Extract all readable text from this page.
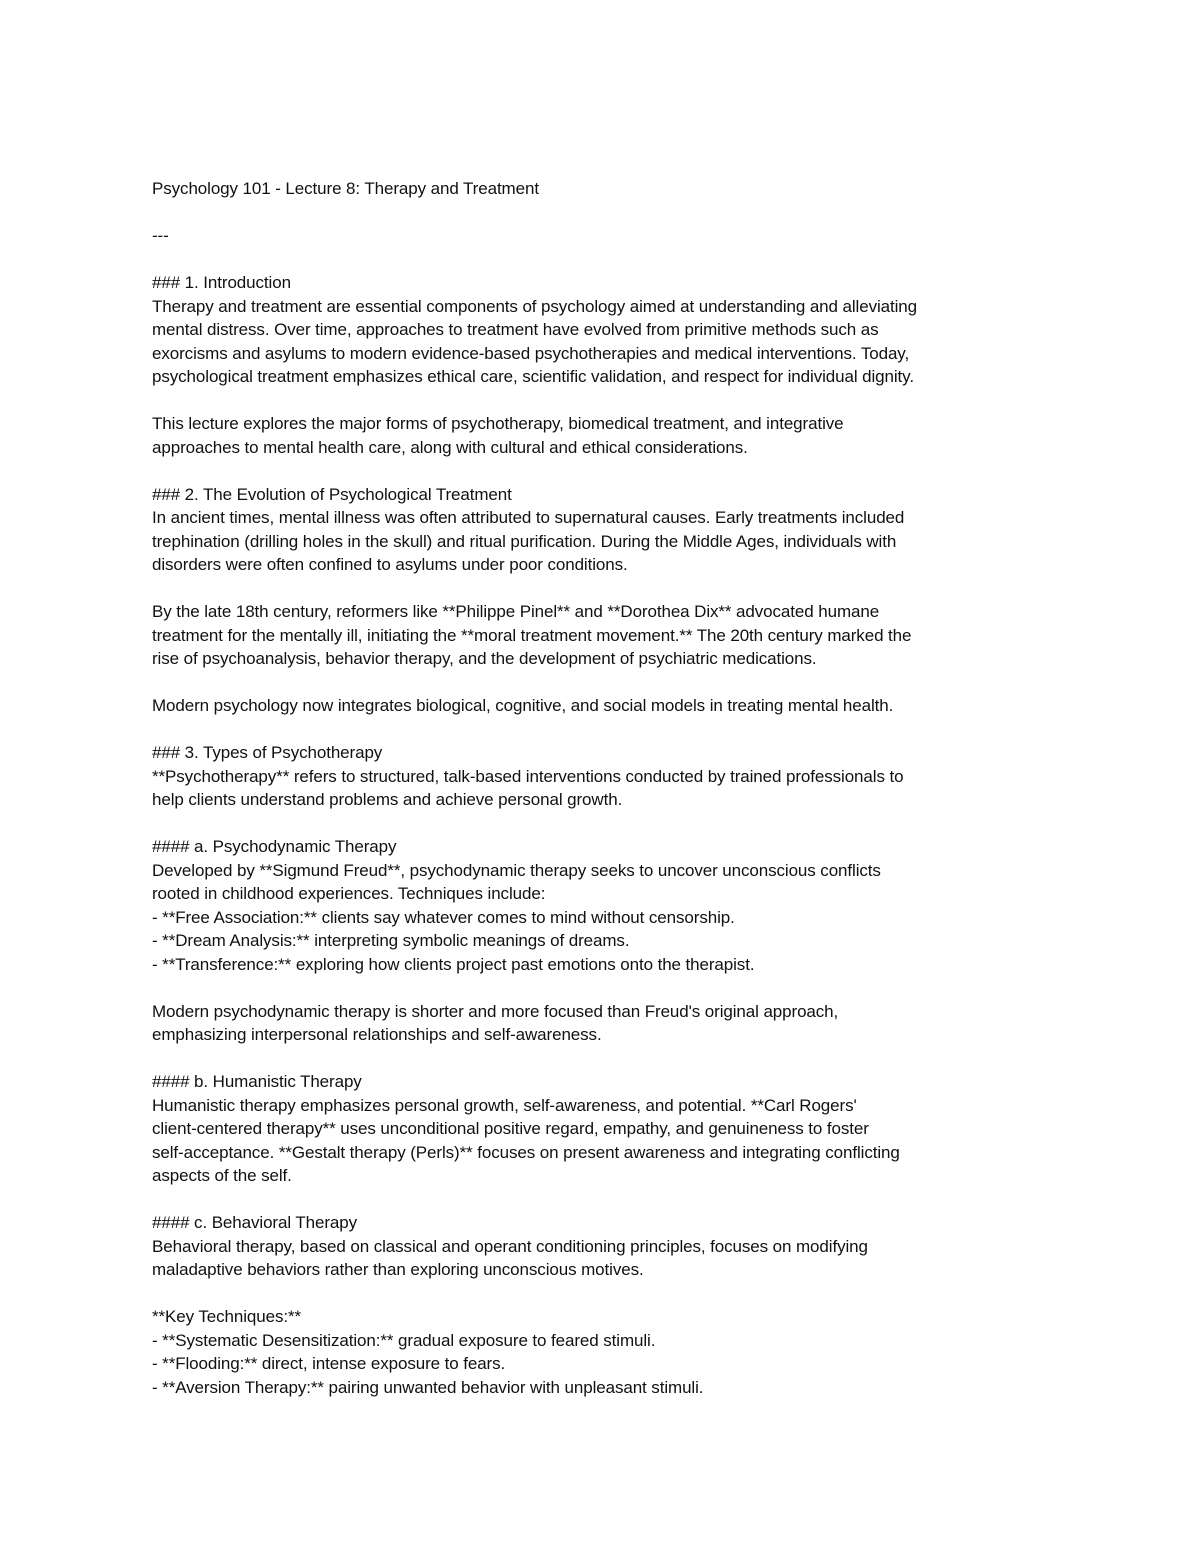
Psychology 101 - Lecture 8: Therapy and Treatment
---
### 1. Introduction
Therapy and treatment are essential components of psychology aimed at understanding and alleviating
mental distress. Over time, approaches to treatment have evolved from primitive methods such as
exorcisms and asylums to modern evidence-based psychotherapies and medical interventions. Today,
psychological treatment emphasizes ethical care, scientific validation, and respect for individual dignity.
This lecture explores the major forms of psychotherapy, biomedical treatment, and integrative
approaches to mental health care, along with cultural and ethical considerations.
### 2. The Evolution of Psychological Treatment
In ancient times, mental illness was often attributed to supernatural causes. Early treatments included
trephination (drilling holes in the skull) and ritual purification. During the Middle Ages, individuals with
disorders were often confined to asylums under poor conditions.
By the late 18th century, reformers like **Philippe Pinel** and **Dorothea Dix** advocated humane
treatment for the mentally ill, initiating the **moral treatment movement.** The 20th century marked the
rise of psychoanalysis, behavior therapy, and the development of psychiatric medications.
Modern psychology now integrates biological, cognitive, and social models in treating mental health.
### 3. Types of Psychotherapy
**Psychotherapy** refers to structured, talk-based interventions conducted by trained professionals to
help clients understand problems and achieve personal growth.
#### a. Psychodynamic Therapy
Developed by **Sigmund Freud**, psychodynamic therapy seeks to uncover unconscious conflicts
rooted in childhood experiences. Techniques include:
- **Free Association:** clients say whatever comes to mind without censorship.
- **Dream Analysis:** interpreting symbolic meanings of dreams.
- **Transference:** exploring how clients project past emotions onto the therapist.
Modern psychodynamic therapy is shorter and more focused than Freud's original approach,
emphasizing interpersonal relationships and self-awareness.
#### b. Humanistic Therapy
Humanistic therapy emphasizes personal growth, self-awareness, and potential. **Carl Rogers'
client-centered therapy** uses unconditional positive regard, empathy, and genuineness to foster
self-acceptance. **Gestalt therapy (Perls)** focuses on present awareness and integrating conflicting
aspects of the self.
#### c. Behavioral Therapy
Behavioral therapy, based on classical and operant conditioning principles, focuses on modifying
maladaptive behaviors rather than exploring unconscious motives.
**Key Techniques:**
- **Systematic Desensitization:** gradual exposure to feared stimuli.
- **Flooding:** direct, intense exposure to fears.
- **Aversion Therapy:** pairing unwanted behavior with unpleasant stimuli.
